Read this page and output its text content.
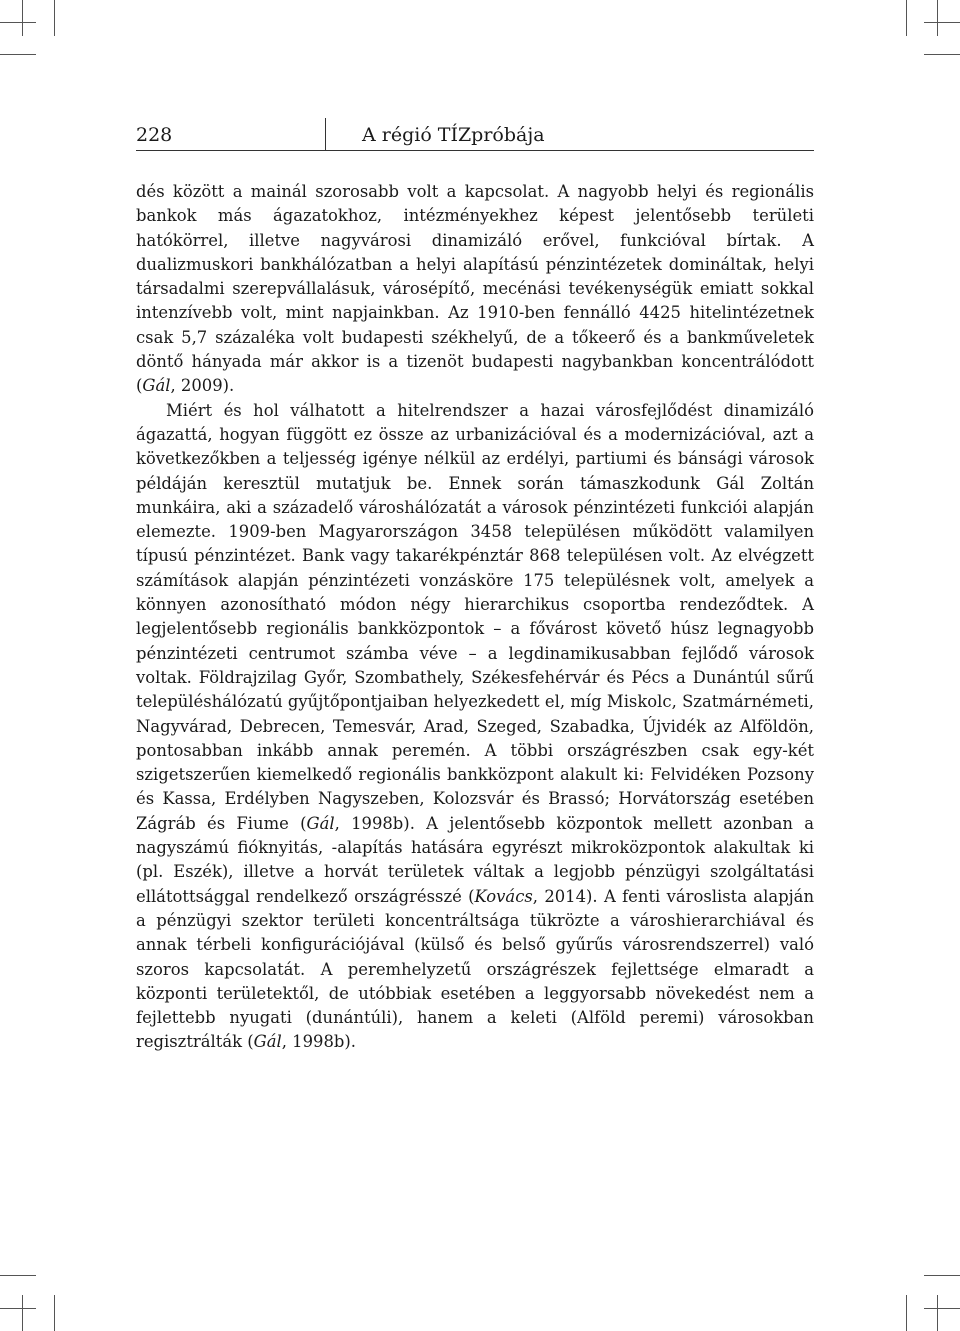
228	A régió TÍZpróbája

dés között a mainál szorosabb volt a kapcsolat. A nagyobb helyi és regionális bankok más ágazatokhoz, intézményekhez képest jelentősebb területi hatókörrel, illetve nagyvárosi dinamizáló erővel, funkcióval bírtak. A dualizmuskori bankhálózatban a helyi alapítású pénzintézetek domináltak, helyi társadalmi szerepvállalásuk, városépítő, mecénási tevékenységük emiatt sokkal intenzívebb volt, mint napjainkban. Az 1910-ben fennálló 4425 hitelintézetnek csak 5,7 százaléka volt budapesti székhelyű, de a tőkeerő és a bankműveletek döntő hányada már akkor is a tizenöt budapesti nagybankban koncentrálódott (Gál, 2009).

Miért és hol válhatott a hitelrendszer a hazai városfejlődést dinamizáló ágazattá, hogyan függött ez össze az urbanizációval és a modernizációval, azt a következőkben a teljesség igénye nélkül az erdélyi, partiumi és bánsági városok példáján keresztül mutatjuk be. Ennek során támaszkodunk Gál Zoltán munkáira, aki a századelő városhálózatát a városok pénzintézeti funkciói alapján elemezte. 1909-ben Magyarországon 3458 településen működött valamilyen típusú pénzintézet. Bank vagy takarékpénztár 868 településen volt. Az elvégzett számítások alapján pénzintézeti vonzásköre 175 településnek volt, amelyek a könnyen azonosítható módon négy hierarchikus csoportba rendeződtek. A legjelentősebb regionális bankközpontok – a fővárost követő húsz legnagyobb pénzintézeti centrumot számba véve – a legdinamikusabban fejlődő városok voltak. Földrajzilag Győr, Szombathely, Székesfehérvár és Pécs a Dunántúl sűrű településhálózatú gyűjtőpontjaiban helyezkedett el, míg Miskolc, Szatmárnémeti, Nagyvárad, Debrecen, Temesvár, Arad, Szeged, Szabadka, Újvidék az Alföldön, pontosabban inkább annak peremén. A többi országrészben csak egy-két szigetszerűen kiemelkedő regionális bankközpont alakult ki: Felvidéken Pozsony és Kassa, Erdélyben Nagyszeben, Kolozsvár és Brassó; Horvátország esetében Zágráb és Fiume (Gál, 1998b). A jelentősebb központok mellett azonban a nagyszámú fióknyitás, -alapítás hatására egyrészt mikroközpontok alakultak ki (pl. Eszék), illetve a horvát területek váltak a legjobb pénzügyi szolgáltatási ellátottsággal rendelkező országrésszé (Kovács, 2014). A fenti városlista alapján a pénzügyi szektor területi koncentráltsága tükrözte a városhierarchiával és annak térbeli konfigurációjával (külső és belső gyűrűs városrendszerrel) való szoros kapcsolatát. A peremhelyzetű országrészek fejlettsége elmaradt a központi területektől, de utóbbiak esetében a leggyorsabb növekedést nem a fejlettebb nyugati (dunántúli), hanem a keleti (Alföld peremi) városokban regisztrálták (Gál, 1998b).
